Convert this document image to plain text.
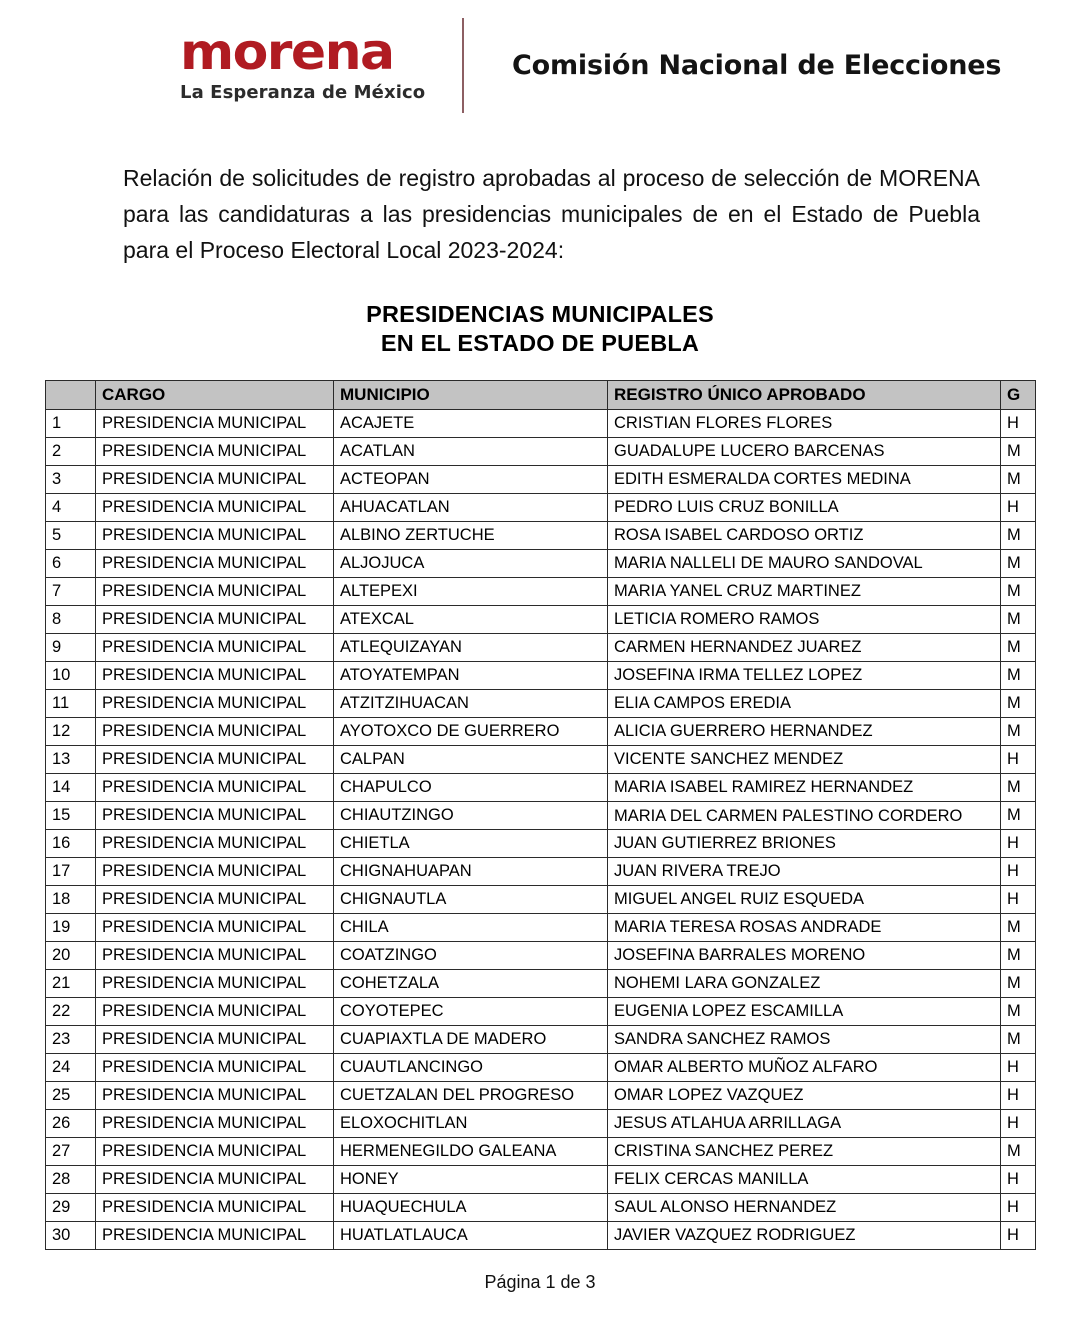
morena
La Esperanza de México
Comisión Nacional de Elecciones

Relación de solicitudes de registro aprobadas al proceso de selección de MORENA para las candidaturas a las presidencias municipales de en el Estado de Puebla para el Proceso Electoral Local 2023-2024:

PRESIDENCIAS MUNICIPALES
EN EL ESTADO DE PUEBLA
	CARGO	MUNICIPIO	REGISTRO ÚNICO APROBADO	G
1	PRESIDENCIA MUNICIPAL	ACAJETE	CRISTIAN FLORES FLORES	H
2	PRESIDENCIA MUNICIPAL	ACATLAN	GUADALUPE LUCERO BARCENAS	M
3	PRESIDENCIA MUNICIPAL	ACTEOPAN	EDITH ESMERALDA CORTES MEDINA	M
4	PRESIDENCIA MUNICIPAL	AHUACATLAN	PEDRO LUIS CRUZ BONILLA	H
5	PRESIDENCIA MUNICIPAL	ALBINO ZERTUCHE	ROSA ISABEL CARDOSO ORTIZ	M
6	PRESIDENCIA MUNICIPAL	ALJOJUCA	MARIA NALLELI DE MAURO SANDOVAL	M
7	PRESIDENCIA MUNICIPAL	ALTEPEXI	MARIA YANEL CRUZ MARTINEZ	M
8	PRESIDENCIA MUNICIPAL	ATEXCAL	LETICIA ROMERO RAMOS	M
9	PRESIDENCIA MUNICIPAL	ATLEQUIZAYAN	CARMEN HERNANDEZ JUAREZ	M
10	PRESIDENCIA MUNICIPAL	ATOYATEMPAN	JOSEFINA IRMA TELLEZ LOPEZ	M
11	PRESIDENCIA MUNICIPAL	ATZITZIHUACAN	ELIA CAMPOS EREDIA	M
12	PRESIDENCIA MUNICIPAL	AYOTOXCO DE GUERRERO	ALICIA GUERRERO HERNANDEZ	M
13	PRESIDENCIA MUNICIPAL	CALPAN	VICENTE SANCHEZ MENDEZ	H
14	PRESIDENCIA MUNICIPAL	CHAPULCO	MARIA ISABEL RAMIREZ HERNANDEZ	M
15	PRESIDENCIA MUNICIPAL	CHIAUTZINGO	MARIA DEL CARMEN PALESTINO CORDERO	M
16	PRESIDENCIA MUNICIPAL	CHIETLA	JUAN GUTIERREZ BRIONES	H
17	PRESIDENCIA MUNICIPAL	CHIGNAHUAPAN	JUAN RIVERA TREJO	H
18	PRESIDENCIA MUNICIPAL	CHIGNAUTLA	MIGUEL ANGEL RUIZ ESQUEDA	H
19	PRESIDENCIA MUNICIPAL	CHILA	MARIA TERESA ROSAS ANDRADE	M
20	PRESIDENCIA MUNICIPAL	COATZINGO	JOSEFINA BARRALES MORENO	M
21	PRESIDENCIA MUNICIPAL	COHETZALA	NOHEMI LARA GONZALEZ	M
22	PRESIDENCIA MUNICIPAL	COYOTEPEC	EUGENIA LOPEZ ESCAMILLA	M
23	PRESIDENCIA MUNICIPAL	CUAPIAXTLA DE MADERO	SANDRA SANCHEZ RAMOS	M
24	PRESIDENCIA MUNICIPAL	CUAUTLANCINGO	OMAR ALBERTO MUÑOZ ALFARO	H
25	PRESIDENCIA MUNICIPAL	CUETZALAN DEL PROGRESO	OMAR LOPEZ VAZQUEZ	H
26	PRESIDENCIA MUNICIPAL	ELOXOCHITLAN	JESUS ATLAHUA ARRILLAGA	H
27	PRESIDENCIA MUNICIPAL	HERMENEGILDO GALEANA	CRISTINA SANCHEZ PEREZ	M
28	PRESIDENCIA MUNICIPAL	HONEY	FELIX CERCAS MANILLA	H
29	PRESIDENCIA MUNICIPAL	HUAQUECHULA	SAUL ALONSO HERNANDEZ	H
30	PRESIDENCIA MUNICIPAL	HUATLATLAUCA	JAVIER VAZQUEZ RODRIGUEZ	H
Página 1 de 3
